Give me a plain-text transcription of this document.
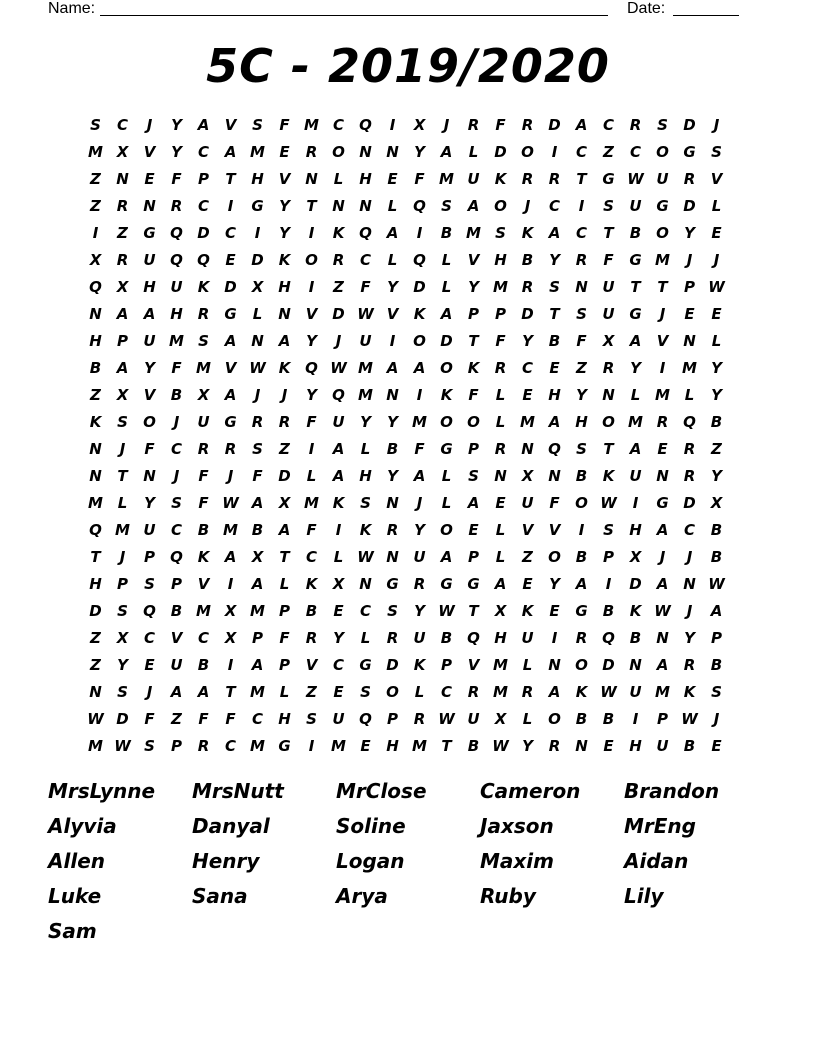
Name:	Date:
5C - 2019/2020
S	C	J	Y	A	V	S	F M C	Q	I	X	J	R	F	R D A	C	R	S	D	J
M X	V	Y	C	A M E	R O N N	Y	A	L	D O	I	C	Z	C	O G	S
Z	N	E	F	P	T	H V N	L	H	E	F M U	K	R	R	T	G W U	R	V
Z	R N R	C	I	G	Y	T	N N	L	Q	S	A O	J	C	I	S	U G D	L
I	Z	G Q D	C	I	Y	I	K Q A	I	B M S	K	A	C	T	B O	Y	E
X	R	U Q Q	E	D K O R	C	L	Q	L	V H	B	Y	R	F	G M	J	J
Q X H U	K D X H	I	Z	F	Y	D	L	Y M R	S	N U	T	T	P W
N A	A H R	G	L	N V D W V	K	A	P	P	D	T	S	U G	J	E	E
H	P	U M S	A N A	Y	J	U	I	O D	T	F	Y	B	F	X	A	V N	L
B	A	Y	F M V W K Q W M A	A O K	R	C	E	Z	R	Y	I	M Y
Z	X	V	B	X	A	J	J	Y	Q M N	I	K	F	L	E	H	Y	N	L M L	Y
K	S	O	J	U G	R	R	F	U	Y	Y M O O	L M A H O M R Q B
N	J	F	C	R	R	S	Z	I	A	L	B	F	G	P	R N Q	S	T	A	E	R	Z
N	T	N	J	F	J	F	D	L	A H	Y	A	L	S	N X N	B	K	U N R	Y
M L	Y	S	F W A	X M K	S	N	J	L	A	E	U	F	O W	I	G D X
Q M U	C	B M B	A	F	I	K	R	Y	O	E	L	V	V	I	S	H A	C	B
T	J	P	Q K	A	X	T	C	L W N U	A	P	L	Z	O B	P	X	J	J	B
H	P	S	P	V	I	A	L	K	X N G	R	G G	A	E	Y	A	I	D A N W
D	S	Q B M X M P	B	E	C	S	Y W T	X	K	E	G	B	K W	J	A
Z	X	C	V	C	X	P	F	R	Y	L	R	U	B Q H U	I	R Q B	N	Y	P
Z	Y	E	U	B	I	A	P	V	C	G D K	P	V M L	N O D N A	R	B
N	S	J	A	A	T M L	Z	E	S	O	L	C	R M R	A	K W U M K	S
W D	F	Z	F	F	C	H	S	U Q	P	R W U	X	L	O B	B	I	P W	J
M W S	P	R	C M G	I	M E	H M T	B W Y	R N	E	H U	B	E
MrsLynne	MrsNutt	MrClose	Cameron	Brandon
Alyvia	Danyal	Soline	Jaxson	MrEng
Allen	Henry	Logan	Maxim	Aidan
Luke	Sana	Arya	Ruby	Lily
Sam
